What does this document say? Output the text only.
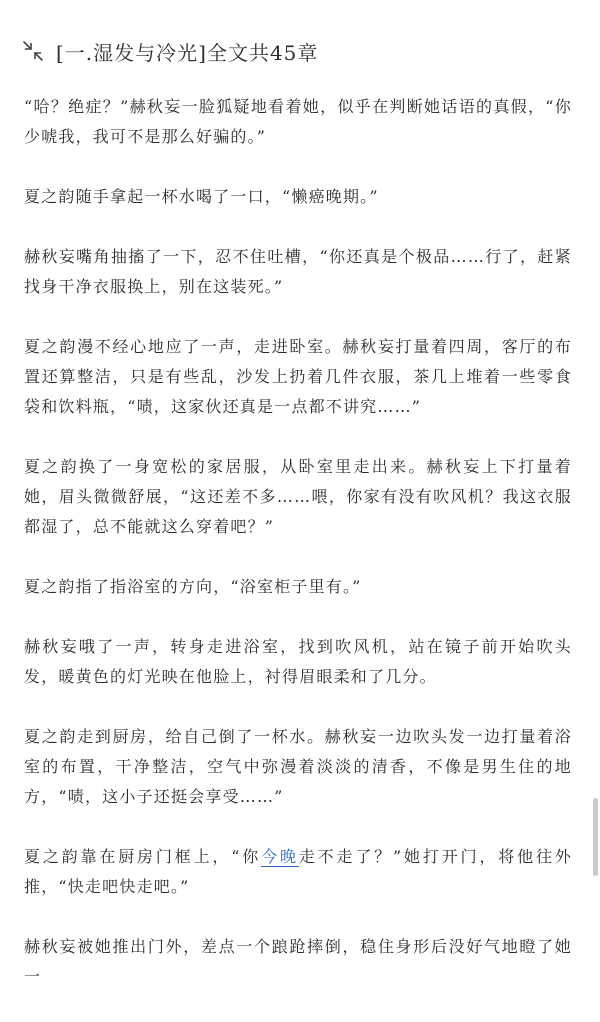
[一.湿发与冷光]全文共45章

“哈？绝症？”赫秋妄一脸狐疑地看着她，似乎在判断她话语的真假，“你少唬我，我可不是那么好骗的。”

夏之韵随手拿起一杯水喝了一口，“懒癌晚期。”

赫秋妄嘴角抽搐了一下，忍不住吐槽，“你还真是个极品……行了，赶紧找身干净衣服换上，别在这装死。”

夏之韵漫不经心地应了一声，走进卧室。赫秋妄打量着四周，客厅的布置还算整洁，只是有些乱，沙发上扔着几件衣服，茶几上堆着一些零食袋和饮料瓶，“啧，这家伙还真是一点都不讲究……”

夏之韵换了一身宽松的家居服，从卧室里走出来。赫秋妄上下打量着她，眉头微微舒展，“这还差不多……喂，你家有没有吹风机？我这衣服都湿了，总不能就这么穿着吧？”

夏之韵指了指浴室的方向，“浴室柜子里有。”

赫秋妄哦了一声，转身走进浴室，找到吹风机，站在镜子前开始吹头发，暖黄色的灯光映在他脸上，衬得眉眼柔和了几分。

夏之韵走到厨房，给自己倒了一杯水。赫秋妄一边吹头发一边打量着浴室的布置，干净整洁，空气中弥漫着淡淡的清香，不像是男生住的地方，“啧，这小子还挺会享受……”

夏之韵靠在厨房门框上，“你今晚走不走了？”她打开门，将他往外推，“快走吧快走吧。”

赫秋妄被她推出门外，差点一个踉跄摔倒，稳住身形后没好气地瞪了她一
